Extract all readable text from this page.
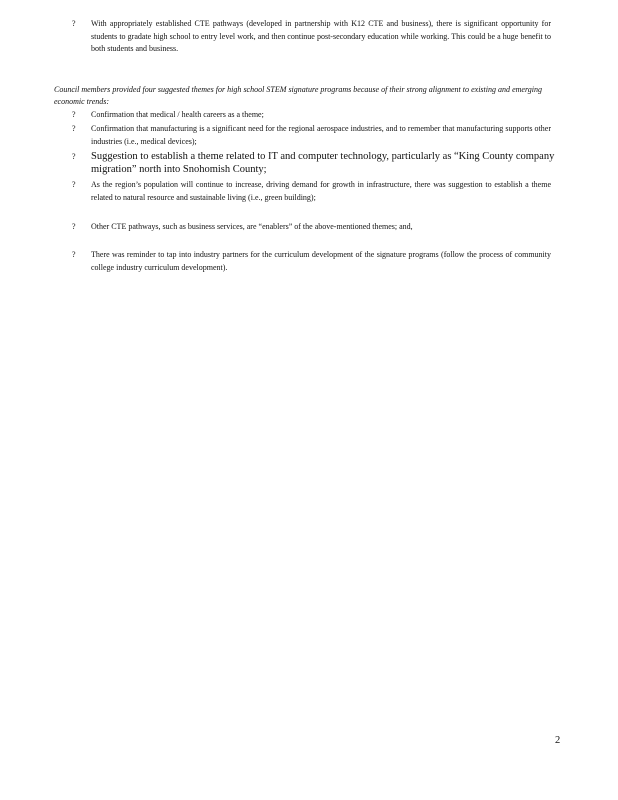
? With appropriately established CTE pathways (developed in partnership with K12 CTE and business), there is significant opportunity for students to gradate high school to entry level work, and then continue post-secondary education while working. This could be a huge benefit to both students and business.
Council members provided four suggested themes for high school STEM signature programs because of their strong alignment to existing and emerging economic trends:
? Confirmation that medical / health careers as a theme;
? Confirmation that manufacturing is a significant need for the regional aerospace industries, and to remember that manufacturing supports other industries (i.e., medical devices);
? Suggestion to establish a theme related to IT and computer technology, particularly as “King County company migration” north into Snohomish County;
? As the region’s population will continue to increase, driving demand for growth in infrastructure, there was suggestion to establish a theme related to natural resource and sustainable living (i.e., green building);
? Other CTE pathways, such as business services, are “enablers” of the above-mentioned themes; and,
? There was reminder to tap into industry partners for the curriculum development of the signature programs (follow the process of community college industry curriculum development).
2
